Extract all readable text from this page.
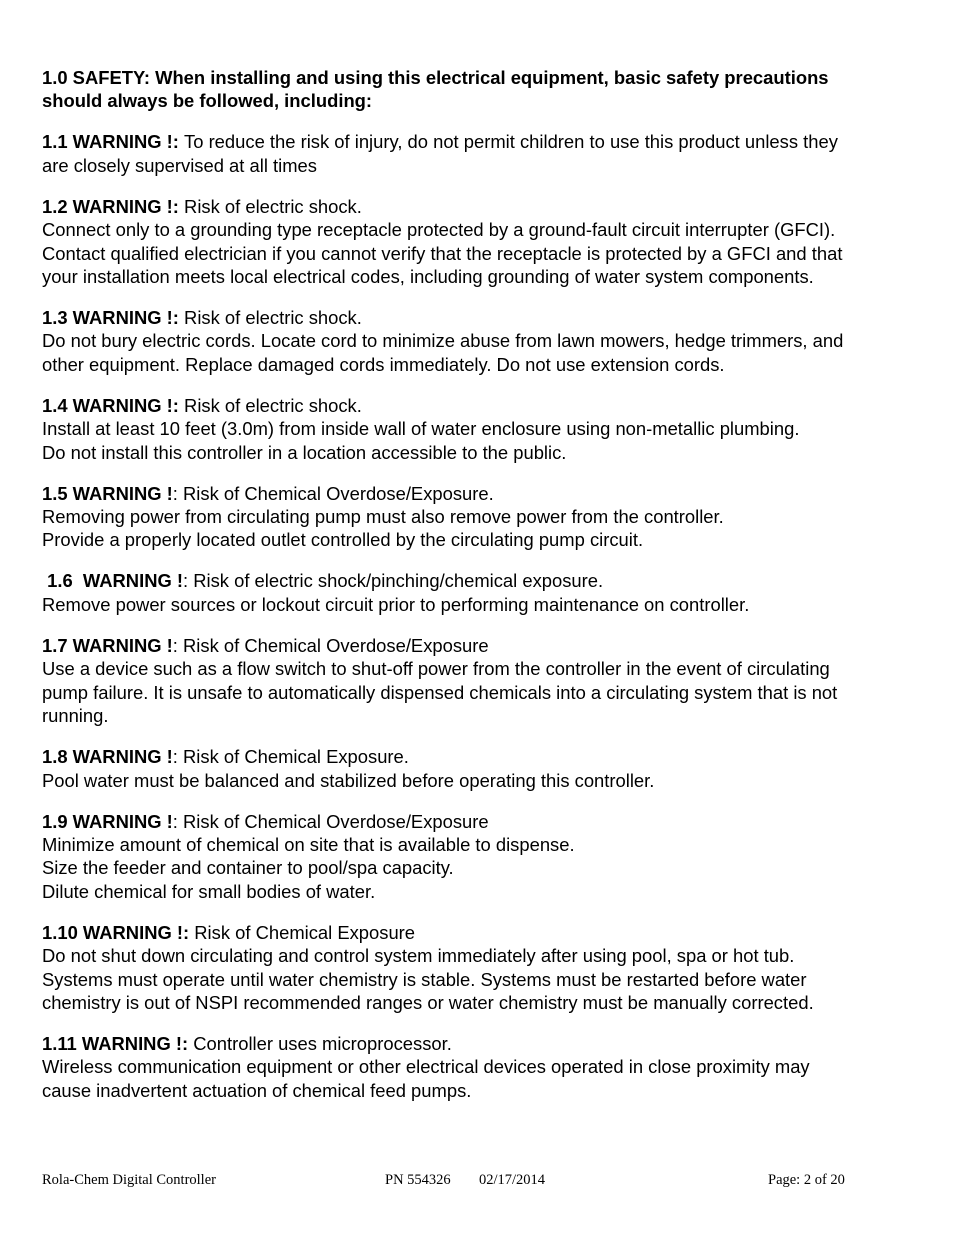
1.0 SAFETY: When installing and using this electrical equipment, basic safety precautions

should always be followed, including:

1.1 WARNING !: To reduce the risk of injury, do not permit children to use this product unless they

are closely supervised at all times

1.2 WARNING !: Risk of electric shock.

Connect only to a grounding type receptacle protected by a ground-fault circuit interrupter (GFCI).

Contact qualified electrician if you cannot verify that the receptacle is protected by a GFCI and that

your installation meets local electrical codes, including grounding of water system components.

1.3 WARNING !: Risk of electric shock.

Do not bury electric cords. Locate cord to minimize abuse from lawn mowers, hedge trimmers, and

other equipment. Replace damaged cords immediately. Do not use extension cords.

1.4 WARNING !: Risk of electric shock.

Install at least 10 feet (3.0m) from inside wall of water enclosure using non-metallic plumbing.

Do not install this controller in a location accessible to the public.

1.5 WARNING !: Risk of Chemical Overdose/Exposure.

Removing power from circulating pump must also remove power from the controller.

Provide a properly located outlet controlled by the circulating pump circuit.

1.6  WARNING !: Risk of electric shock/pinching/chemical exposure.

Remove power sources or lockout circuit prior to performing maintenance on controller.

1.7 WARNING !: Risk of Chemical Overdose/Exposure

Use a device such as a flow switch to shut-off power from the controller in the event of circulating

pump failure. It is unsafe to automatically dispensed chemicals into a circulating system that is not

running.

1.8 WARNING !: Risk of Chemical Exposure.

Pool water must be balanced and stabilized before operating this controller.

1.9 WARNING !: Risk of Chemical Overdose/Exposure

Minimize amount of chemical on site that is available to dispense.

Size the feeder and container to pool/spa capacity.

Dilute chemical for small bodies of water.

1.10 WARNING !: Risk of Chemical Exposure

Do not shut down circulating and control system immediately after using pool, spa or hot tub.

Systems must operate until water chemistry is stable. Systems must be restarted before water

chemistry is out of NSPI recommended ranges or water chemistry must be manually corrected.

1.11 WARNING !: Controller uses microprocessor.

Wireless communication equipment or other electrical devices operated in close proximity may

cause inadvertent actuation of chemical feed pumps.

Rola-Chem Digital Controller	PN 554326 02/17/2014	Page: 2 of 20
